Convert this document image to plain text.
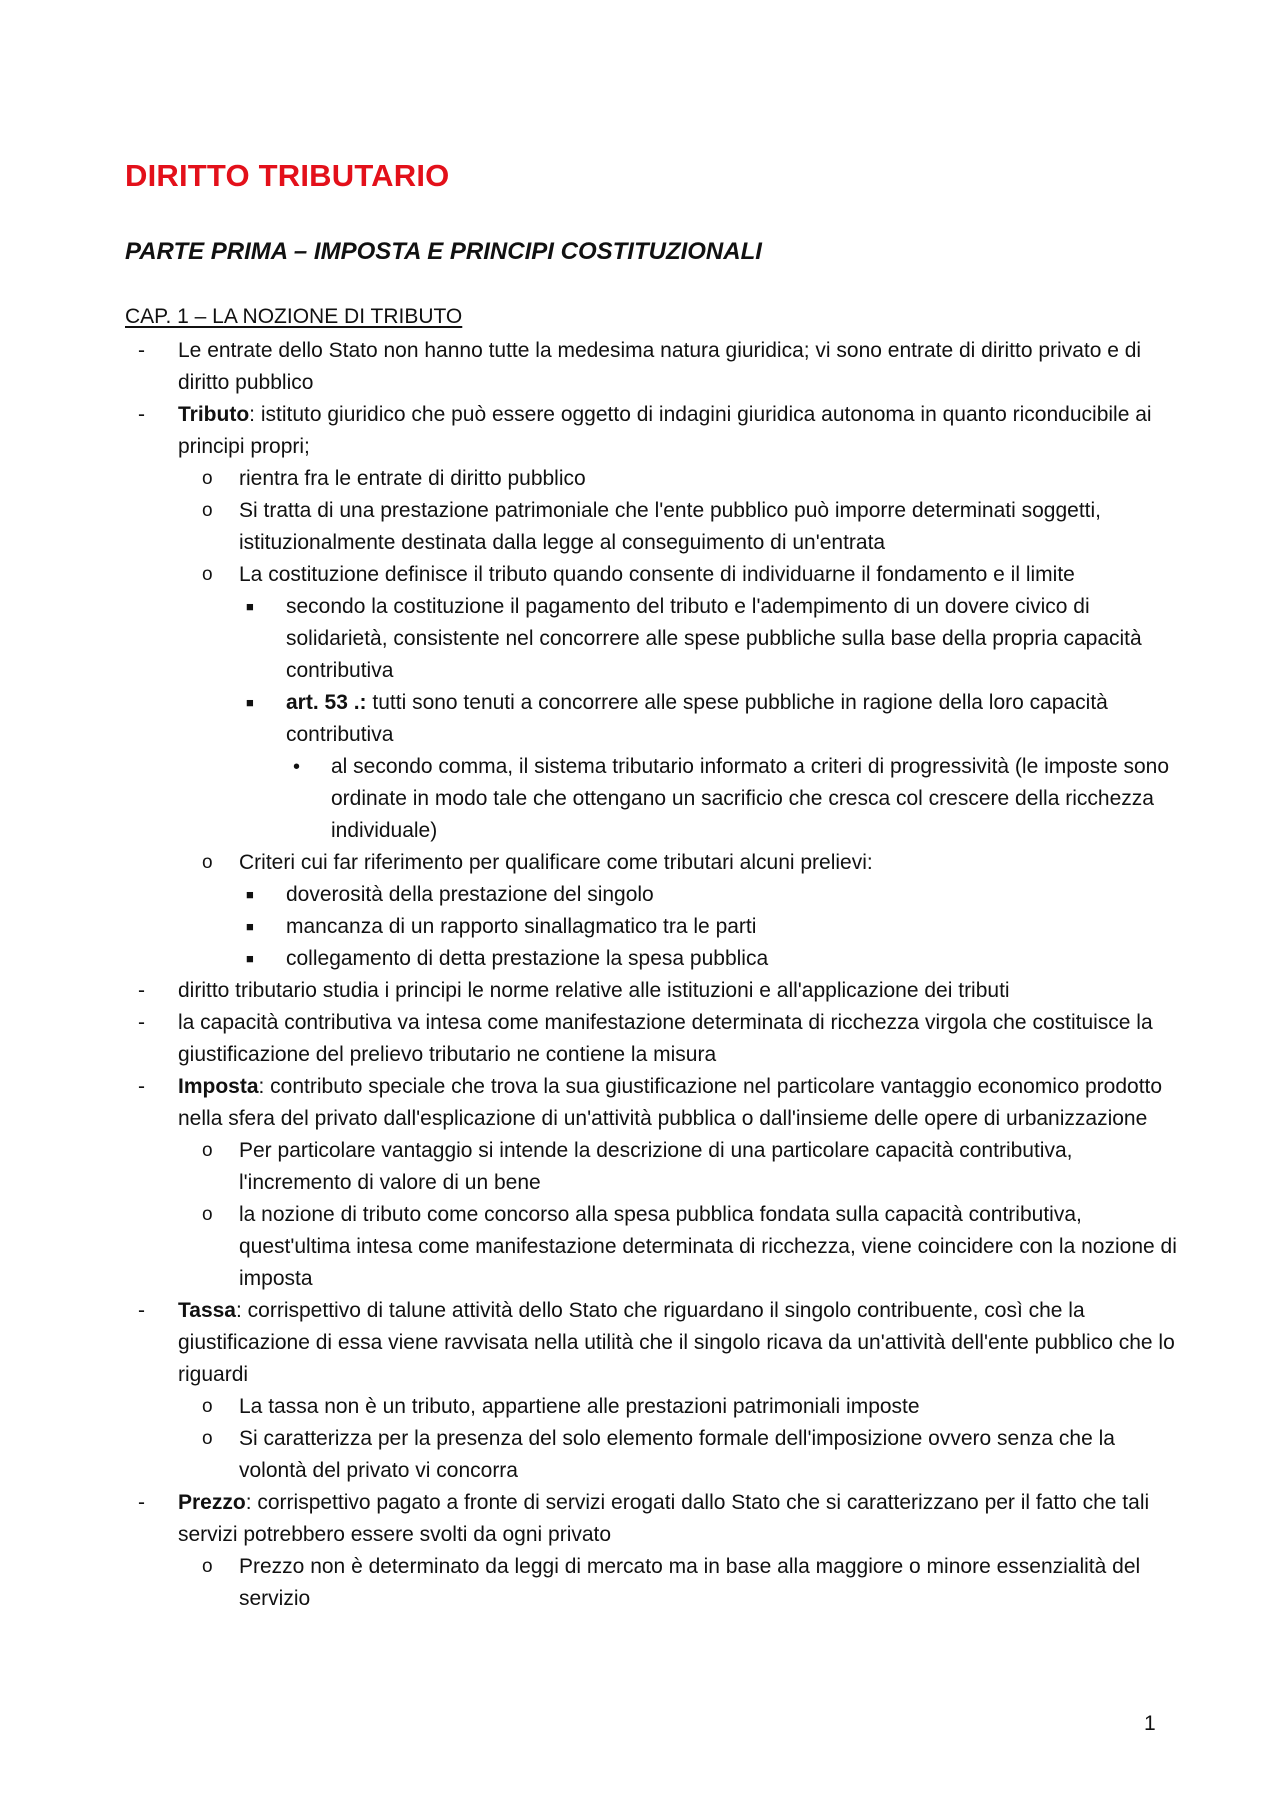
DIRITTO TRIBUTARIO
PARTE PRIMA – IMPOSTA E PRINCIPI COSTITUZIONALI
CAP. 1 – LA NOZIONE DI TRIBUTO
- Le entrate dello Stato non hanno tutte la medesima natura giuridica; vi sono entrate di diritto privato e di diritto pubblico
- Tributo: istituto giuridico che può essere oggetto di indagini giuridica autonoma in quanto riconducibile ai principi propri;
o rientra fra le entrate di diritto pubblico
o Si tratta di una prestazione patrimoniale che l'ente pubblico può imporre determinati soggetti, istituzionalmente destinata dalla legge al conseguimento di un'entrata
o La costituzione definisce il tributo quando consente di individuarne il fondamento e il limite
■ secondo la costituzione il pagamento del tributo e l'adempimento di un dovere civico di solidarietà, consistente nel concorrere alle spese pubbliche sulla base della propria capacità contributiva
■ art. 53 .: tutti sono tenuti a concorrere alle spese pubbliche in ragione della loro capacità contributiva
• al secondo comma, il sistema tributario informato a criteri di progressività (le imposte sono ordinate in modo tale che ottengano un sacrificio che cresca col crescere della ricchezza individuale)
o Criteri cui far riferimento per qualificare come tributari alcuni prelievi:
■ doverosità della prestazione del singolo
■ mancanza di un rapporto sinallagmatico tra le parti
■ collegamento di detta prestazione la spesa pubblica
- diritto tributario studia i principi le norme relative alle istituzioni e all'applicazione dei tributi
- la capacità contributiva va intesa come manifestazione determinata di ricchezza virgola che costituisce la giustificazione del prelievo tributario ne contiene la misura
- Imposta: contributo speciale che trova la sua giustificazione nel particolare vantaggio economico prodotto nella sfera del privato dall'esplicazione di un'attività pubblica o dall'insieme delle opere di urbanizzazione
o Per particolare vantaggio si intende la descrizione di una particolare capacità contributiva, l'incremento di valore di un bene
o la nozione di tributo come concorso alla spesa pubblica fondata sulla capacità contributiva, quest'ultima intesa come manifestazione determinata di ricchezza, viene coincidere con la nozione di imposta
- Tassa: corrispettivo di talune attività dello Stato che riguardano il singolo contribuente, così che la giustificazione di essa viene ravvisata nella utilità che il singolo ricava da un'attività dell'ente pubblico che lo riguardi
o La tassa non è un tributo, appartiene alle prestazioni patrimoniali imposte
o Si caratterizza per la presenza del solo elemento formale dell'imposizione ovvero senza che la volontà del privato vi concorra
- Prezzo: corrispettivo pagato a fronte di servizi erogati dallo Stato che si caratterizzano per il fatto che tali servizi potrebbero essere svolti da ogni privato
o Prezzo non è determinato da leggi di mercato ma in base alla maggiore o minore essenzialità del servizio
1
